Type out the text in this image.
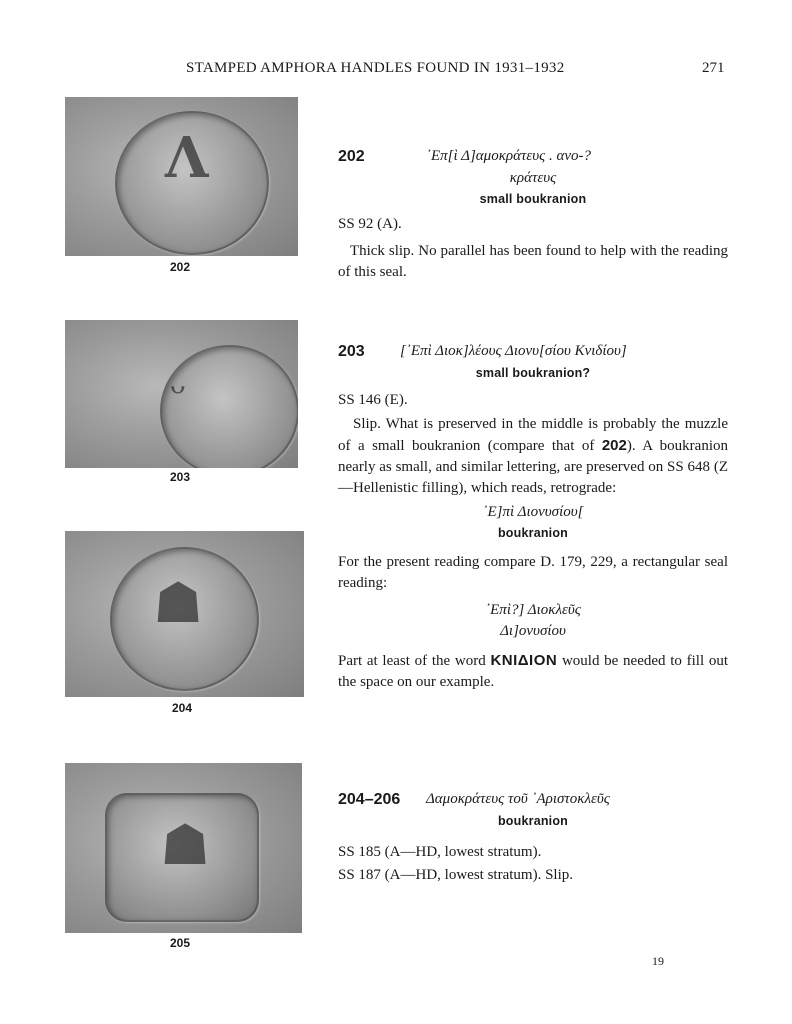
STAMPED AMPHORA HANDLES FOUND IN 1931–1932	271
Λ
202
ᴗ
203
☗
204
☗
205
202	᾿Επ[ὶ Δ]αμοκράτευς . ανο-?
κράτευς
small boukranion
SS 92 (A).

Thick slip. No parallel has been found to help with the reading of this seal.

203 [᾿Επὶ Διοκ]λέους Διονυ[σίου Κνιδίου]
small boukranion?
SS 146 (E).

Slip. What is preserved in the middle is probably the muzzle of a small boukranion (compare that of 202). A boukranion nearly as small, and similar lettering, are preserved on SS 648 (Z—Hellenistic filling), which reads, retrograde:

᾿Ε]πὶ Διονυσίου[
boukranion

For the present reading compare D. 179, 229, a rectangular seal reading:

᾿Επὶ?] Διοκλεῦς
Δι]ονυσίου

Part at least of the word ΚΝΙΔΙΟΝ would be needed to fill out the space on our example.

204–206 Δαμοκράτευς τοῦ ᾿Αριστοκλεῦς
boukranion
SS 185 (A—HD, lowest stratum).
SS 187 (A—HD, lowest stratum). Slip.
19
